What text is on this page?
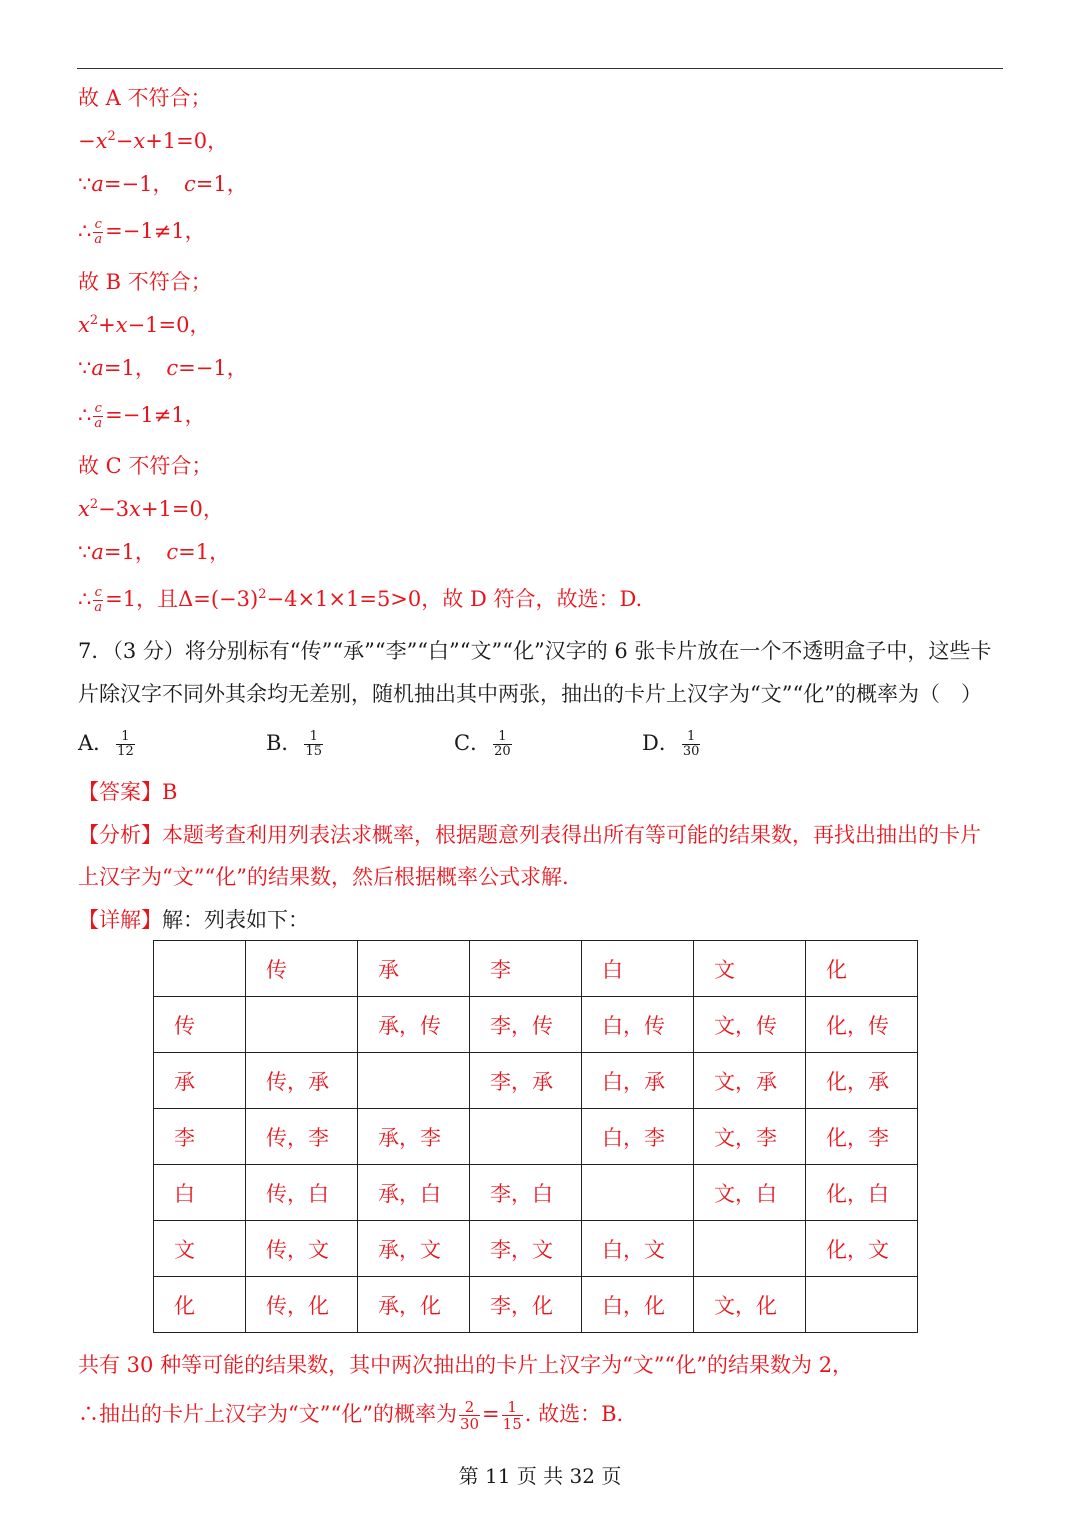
故 A 不符合；
$-x^2-x+1=0$，
∵a=−1，　c=1，
∴ $\frac{c}{a} =-1\ne 1$，
故 B 不符合；
$x^2+x-1=0$，
∵a=1，　c=−1，
∴ $\frac{c}{a} =-1\ne 1$，
故 C 不符合；
$x^2-3x+1=0$，
∵a=1，　c=1，
∴ $\frac{c}{a} =1$，且$\Delta=(-3)^2-4\times 1\times 1=5>0$，故 D 符合，故选：D.
7．（3 分）将分别标有“传”“承”“李”“白”“文”“化”汉字的 6 张卡片放在一个不透明盒子中，这些卡
片除汉字不同外其余均无差别，随机抽出其中两张，抽出的卡片上汉字为“文”“化”的概率为（　）
A． $\frac{1}{12}$	B． $\frac{1}{15}$	C． $\frac{1}{20}$	D． $\frac{1}{30}$
【答案】B
【分析】本题考查利用列表法求概率，根据题意列表得出所有等可能的结果数，再找出抽出的卡片
上汉字为“文”“化”的结果数，然后根据概率公式求解.
【详解】解：列表如下：
	传	承	李	白	文	化
传		承，传	李，传	白，传	文，传	化，传
承	传，承		李，承	白，承	文，承	化，承
李	传，李	承，李		白，李	文，李	化，李
白	传，白	承，白	李，白		文，白	化，白
文	传，文	承，文	李，文	白，文		化，文
化	传，化	承，化	李，化	白，化	文，化	
共有 30 种等可能的结果数，其中两次抽出的卡片上汉字为“文”“化”的结果数为 2，
∴抽出的卡片上汉字为“文”“化”的概率为 $\frac{2}{30} = \frac{1}{15}$ . 故选：B.
第 11 页 共 32 页
